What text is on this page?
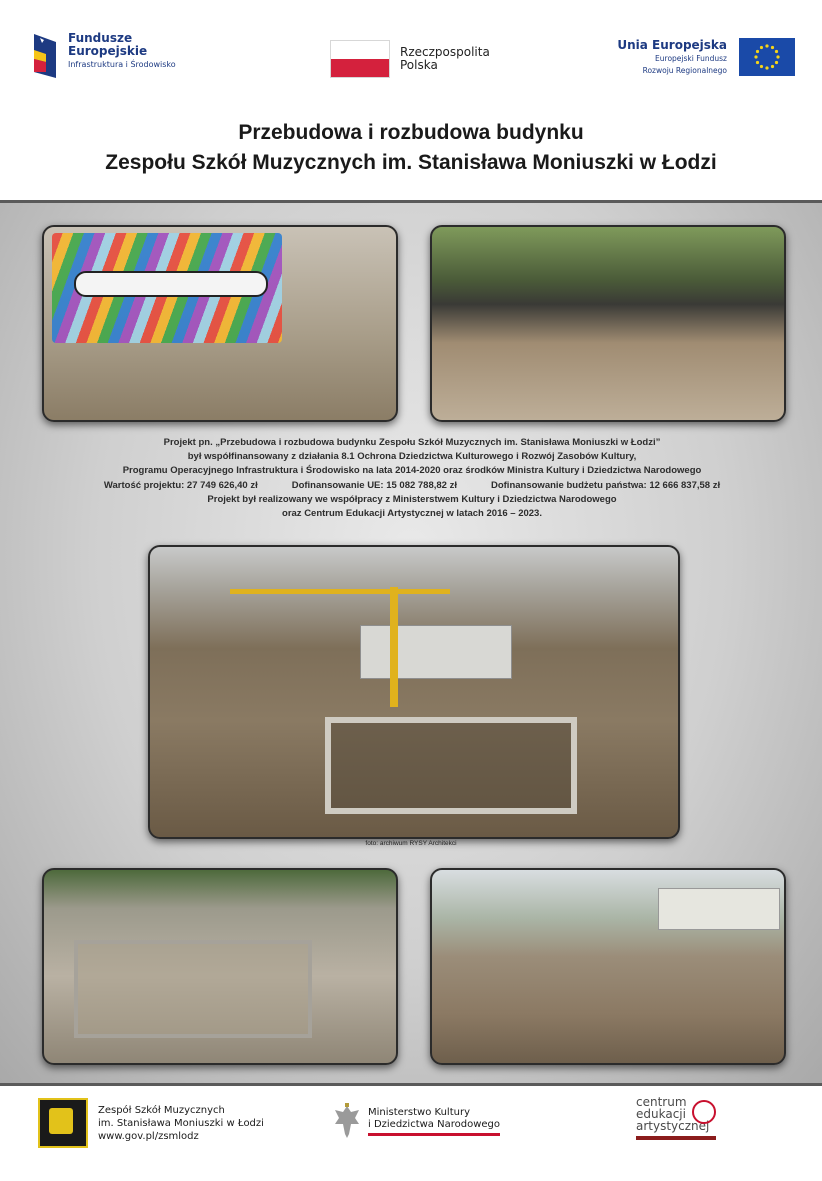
Fundusze
Europejskie
Infrastruktura i Środowisko
Rzeczpospolita
Polska
Unia Europejska
Europejski Fundusz
Rozwoju Regionalnego
Przebudowa i rozbudowa budynku
Zespołu Szkół Muzycznych im. Stanisława Moniuszki w Łodzi
Projekt pn. „Przebudowa i rozbudowa budynku Zespołu Szkół Muzycznych im. Stanisława Moniuszki w Łodzi”
był współfinansowany z działania 8.1 Ochrona Dziedzictwa Kulturowego i Rozwój Zasobów Kultury,
Programu Operacyjnego Infrastruktura i Środowisko na lata 2014-2020 oraz środków Ministra Kultury i Dziedzictwa Narodowego
Wartość projektu: 27 749 626,40 zł	Dofinansowanie UE: 15 082 788,82 zł	Dofinansowanie budżetu państwa: 12 666 837,58 zł
Projekt był realizowany we współpracy z Ministerstwem Kultury i Dziedzictwa Narodowego
oraz Centrum Edukacji Artystycznej w latach 2016 – 2023.
foto: archiwum RYSY Architekci
Zespół Szkół Muzycznych
im. Stanisława Moniuszki w Łodzi
www.gov.pl/zsmlodz
Ministerstwo Kultury
i Dziedzictwa Narodowego
centrum
edukacji
artystycznej
